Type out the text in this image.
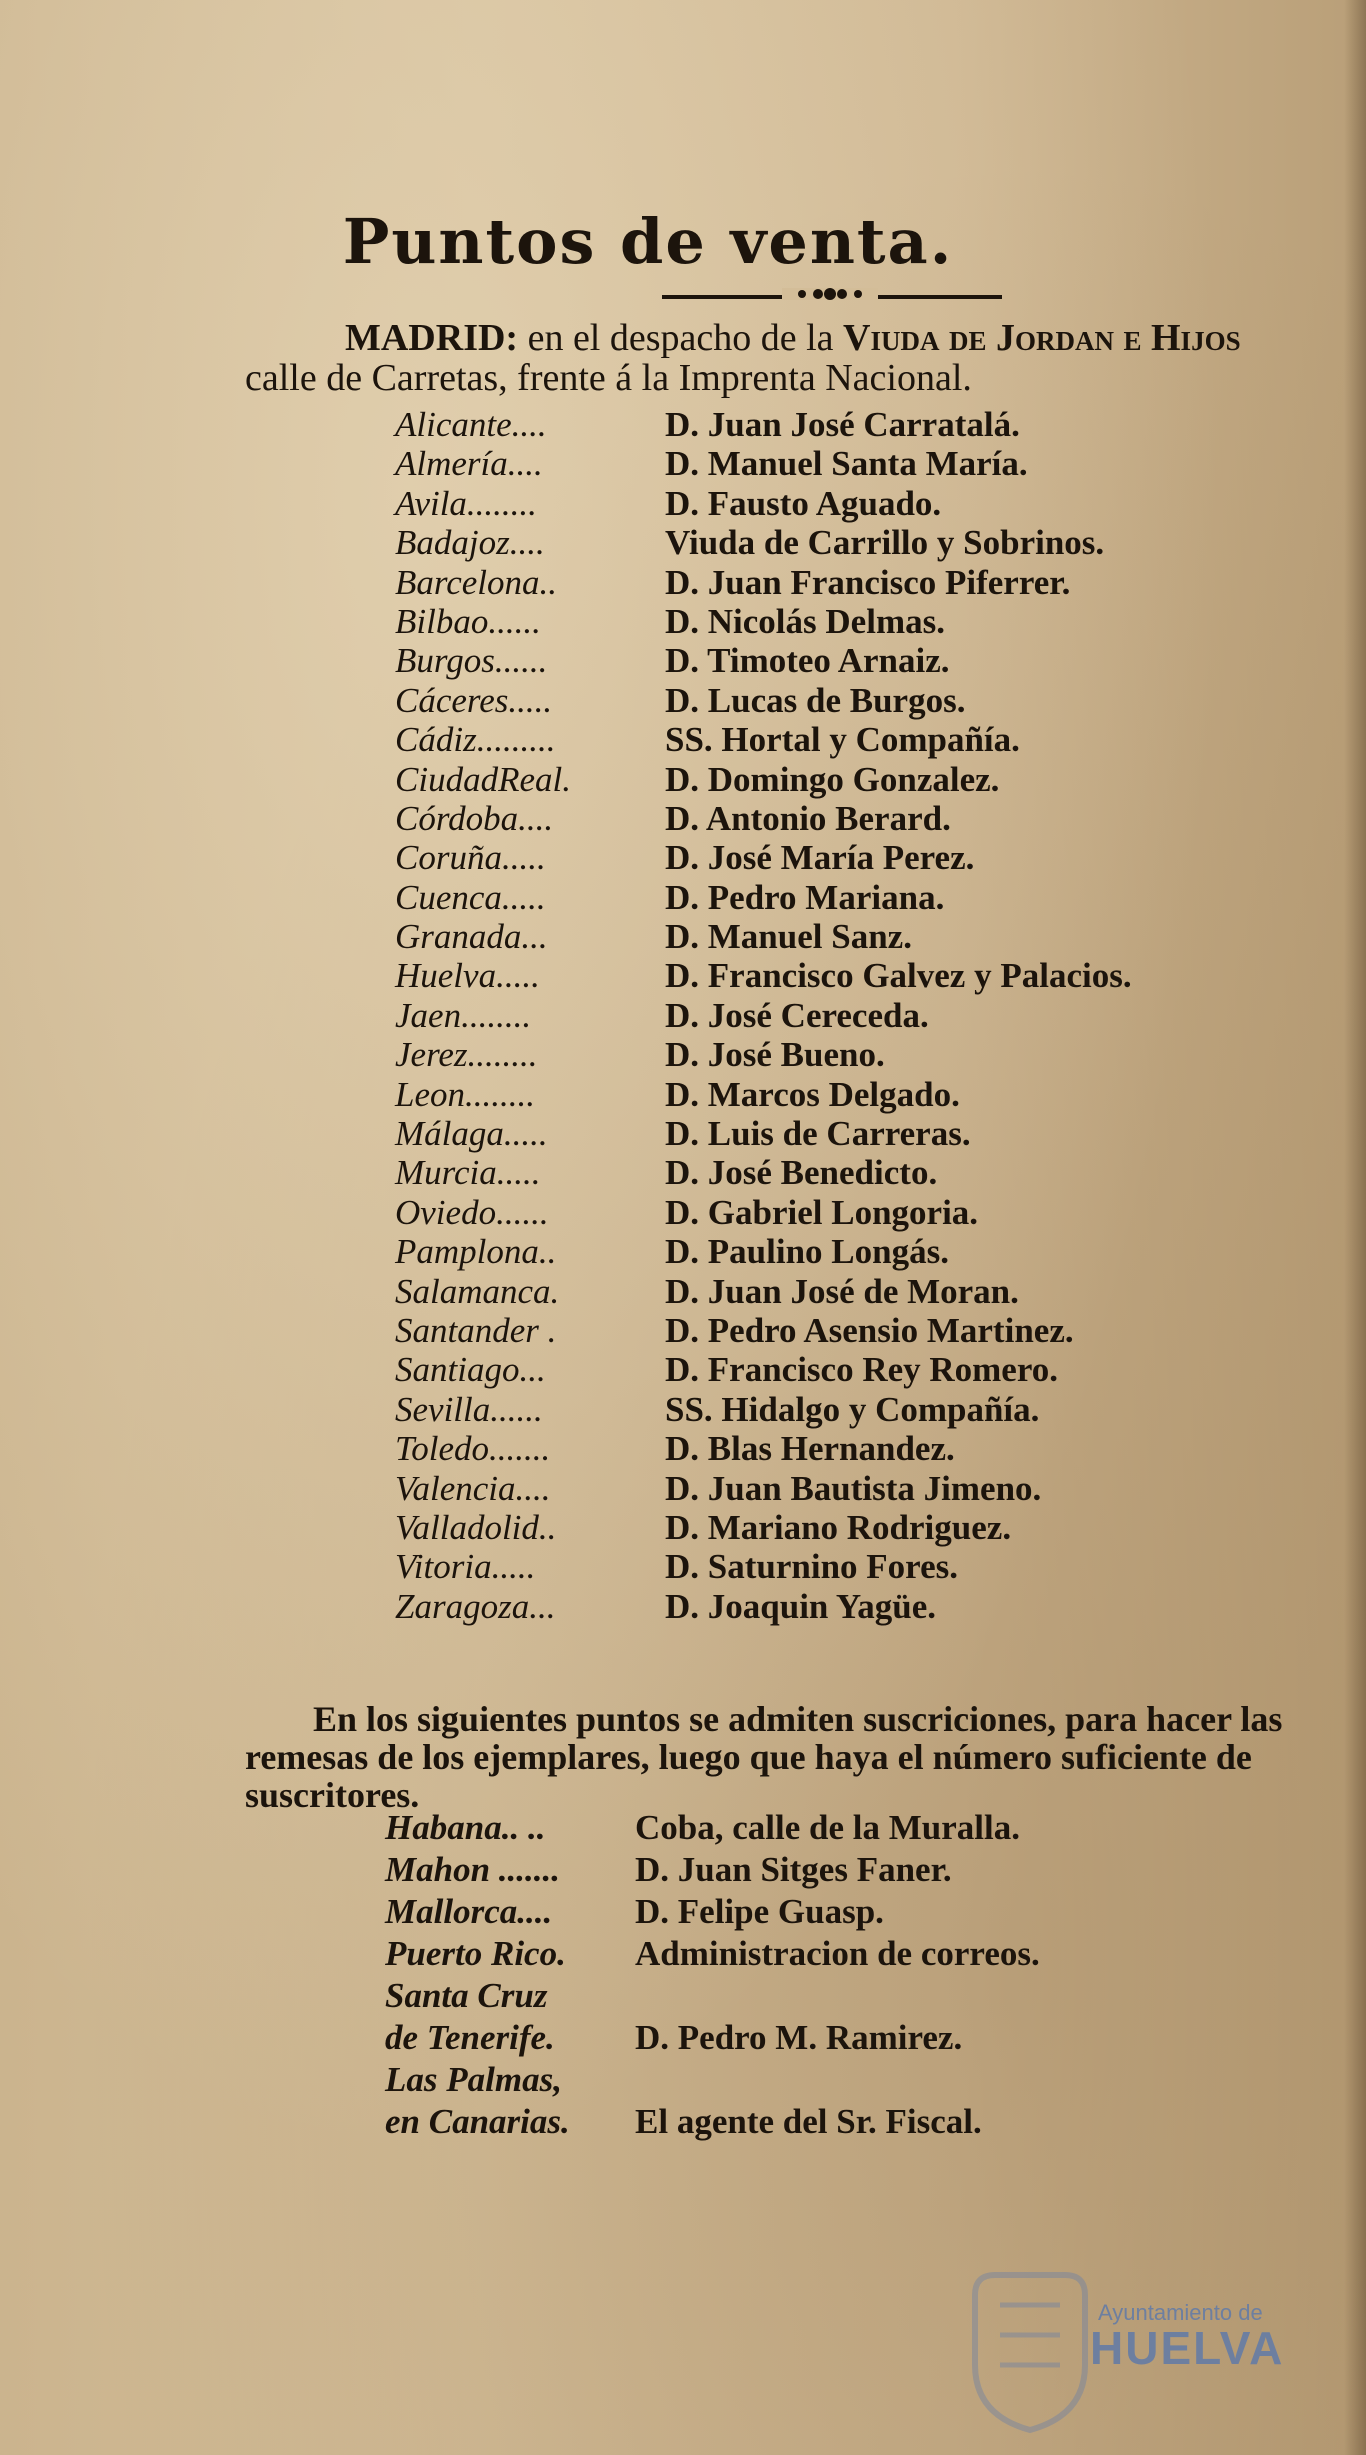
Puntos de venta.
MADRID: en el despacho de la Viuda de Jordan e Hijos
calle de Carretas, frente á la Imprenta Nacional.
Alicante....	D. Juan José Carratalá.
Almería....	D. Manuel Santa María.
Avila........	D. Fausto Aguado.
Badajoz....	Viuda de Carrillo y Sobrinos.
Barcelona..	D. Juan Francisco Piferrer.
Bilbao......	D. Nicolás Delmas.
Burgos......	D. Timoteo Arnaiz.
Cáceres.....	D. Lucas de Burgos.
Cádiz.........	SS. Hortal y Compañía.
CiudadReal.	D. Domingo Gonzalez.
Córdoba....	D. Antonio Berard.
Coruña.....	D. José María Perez.
Cuenca.....	D. Pedro Mariana.
Granada...	D. Manuel Sanz.
Huelva.....	D. Francisco Galvez y Palacios.
Jaen........	D. José Cereceda.
Jerez........	D. José Bueno.
Leon........	D. Marcos Delgado.
Málaga.....	D. Luis de Carreras.
Murcia.....	D. José Benedicto.
Oviedo......	D. Gabriel Longoria.
Pamplona..	D. Paulino Longás.
Salamanca.	D. Juan José de Moran.
Santander .	D. Pedro Asensio Martinez.
Santiago...	D. Francisco Rey Romero.
Sevilla......	SS. Hidalgo y Compañía.
Toledo.......	D. Blas Hernandez.
Valencia....	D. Juan Bautista Jimeno.
Valladolid..	D. Mariano Rodriguez.
Vitoria.....	D. Saturnino Fores.
Zaragoza...	D. Joaquin Yagüe.
En los siguientes puntos se admiten suscriciones, para hacer las remesas de los ejemplares, luego que haya el número suficiente de suscritores.
Habana.. ..	Coba, calle de la Muralla.
Mahon ....... D. Juan Sitges Faner.
Mallorca.... D. Felipe Guasp.
Puerto Rico. Administracion de correos.
Santa Cruz
de Tenerife. D. Pedro M. Ramirez.
Las Palmas,
en Canarias. El agente del Sr. Fiscal.
Ayuntamiento de
HUELVA
